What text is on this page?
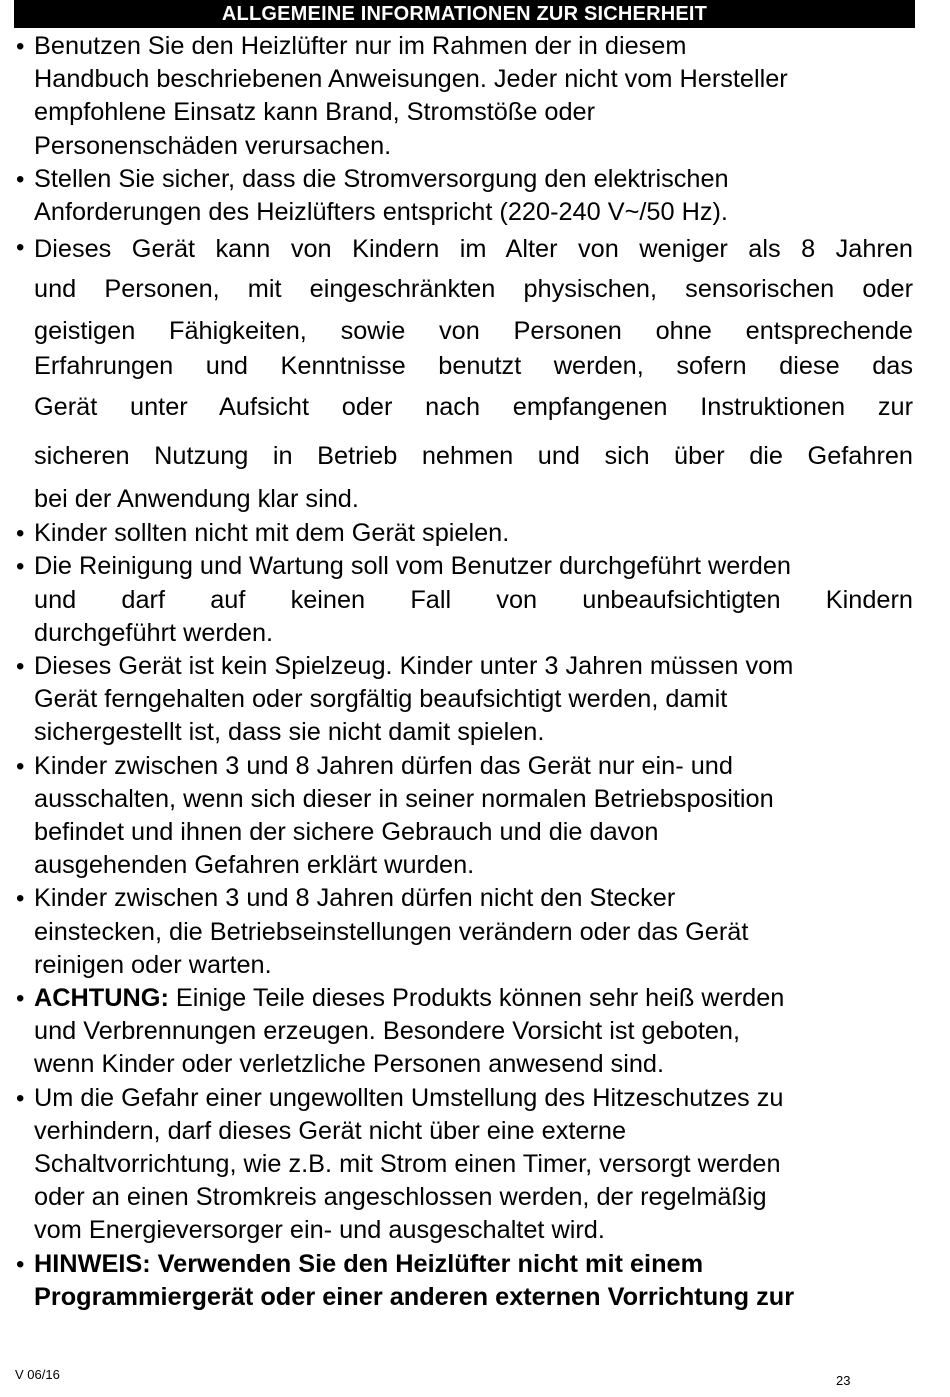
ALLGEMEINE INFORMATIONEN ZUR SICHERHEIT
• Benutzen Sie den Heizlüfter nur im Rahmen der in diesem

Handbuch beschriebenen Anweisungen. Jeder nicht vom Hersteller

empfohlene Einsatz kann Brand, Stromstöße oder

Personenschäden verursachen.

• Stellen Sie sicher, dass die Stromversorgung den elektrischen

Anforderungen des Heizlüfters entspricht (220-240 V~/50 Hz).

• Dieses Gerät kann von Kindern im Alter von weniger als 8 Jahren

und Personen, mit eingeschränkten physischen, sensorischen oder

geistigen Fähigkeiten, sowie von Personen ohne entsprechende

Erfahrungen und Kenntnisse benutzt werden, sofern diese das

Gerät unter Aufsicht oder nach empfangenen Instruktionen zur

sicheren Nutzung in Betrieb nehmen und sich über die Gefahren

bei der Anwendung klar sind.

• Kinder sollten nicht mit dem Gerät spielen.

• Die Reinigung und Wartung soll vom Benutzer durchgeführt werden

und darf auf keinen Fall von unbeaufsichtigten Kindern

durchgeführt werden.

• Dieses Gerät ist kein Spielzeug. Kinder unter 3 Jahren müssen vom

Gerät ferngehalten oder sorgfältig beaufsichtigt werden, damit

sichergestellt ist, dass sie nicht damit spielen.

• Kinder zwischen 3 und 8 Jahren dürfen das Gerät nur ein- und

ausschalten, wenn sich dieser in seiner normalen Betriebsposition

befindet und ihnen der sichere Gebrauch und die davon

ausgehenden Gefahren erklärt wurden.

• Kinder zwischen 3 und 8 Jahren dürfen nicht den Stecker

einstecken, die Betriebseinstellungen verändern oder das Gerät

reinigen oder warten.

• ACHTUNG: Einige Teile dieses Produkts können sehr heiß werden

und Verbrennungen erzeugen. Besondere Vorsicht ist geboten,

wenn Kinder oder verletzliche Personen anwesend sind.

• Um die Gefahr einer ungewollten Umstellung des Hitzeschutzes zu

verhindern, darf dieses Gerät nicht über eine externe

Schaltvorrichtung, wie z.B. mit Strom einen Timer, versorgt werden

oder an einen Stromkreis angeschlossen werden, der regelmäßig

vom Energieversorger ein- und ausgeschaltet wird.

• HINWEIS: Verwenden Sie den Heizlüfter nicht mit einem

Programmiergerät oder einer anderen externen Vorrichtung zur

V 06/16	23
